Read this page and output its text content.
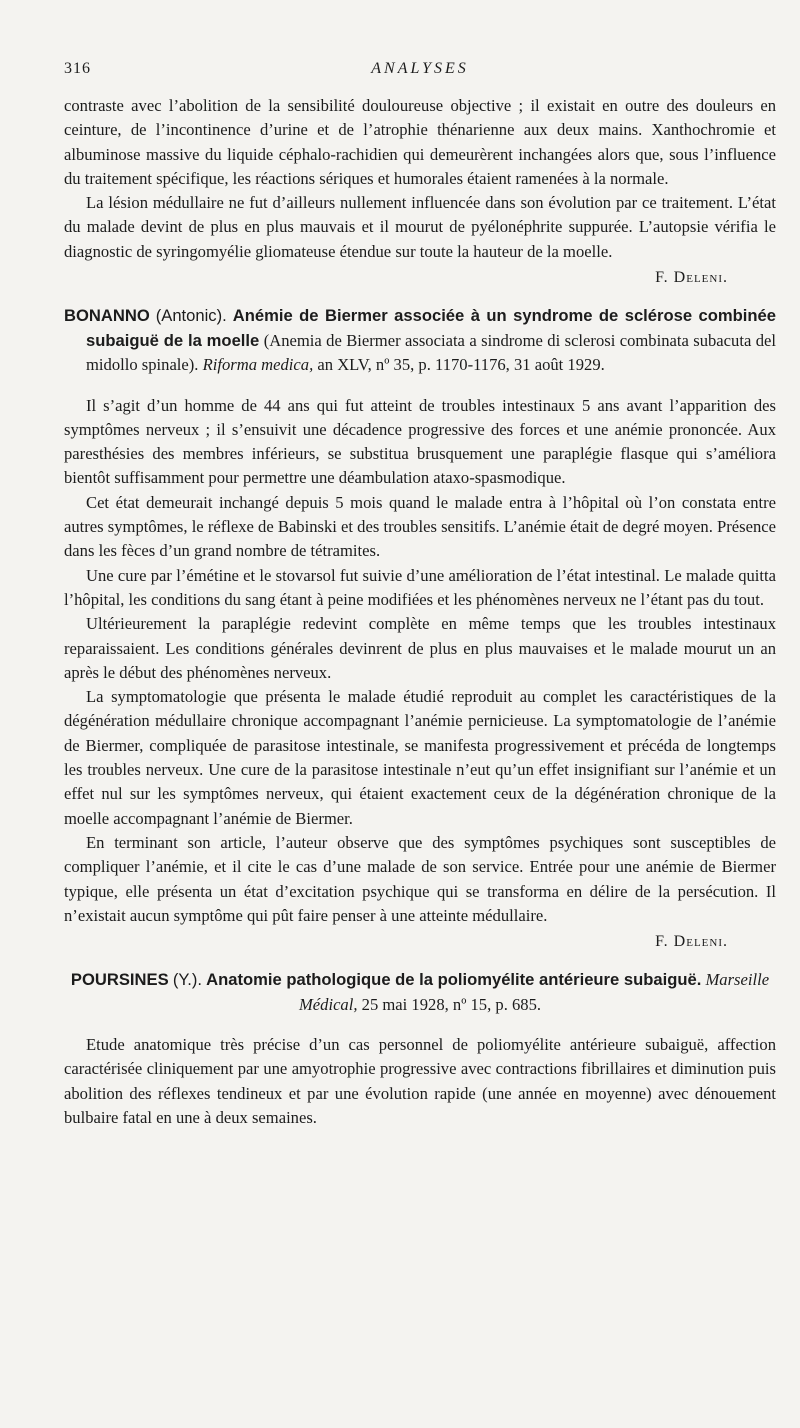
316	ANALYSES

contraste avec l’abolition de la sensibilité douloureuse objective ; il existait en outre des douleurs en ceinture, de l’incontinence d’urine et de l’atrophie thénarienne aux deux mains. Xanthochromie et albuminose massive du liquide céphalo-rachidien qui demeurèrent inchangées alors que, sous l’influence du traitement spécifique, les réactions sériques et humorales étaient ramenées à la normale.

La lésion médullaire ne fut d’ailleurs nullement influencée dans son évolution par ce traitement. L’état du malade devint de plus en plus mauvais et il mourut de pyélonéphrite suppurée. L’autopsie vérifia le diagnostic de syringomyélie gliomateuse étendue sur toute la hauteur de la moelle.

F. Deleni.
BONANNO (Antonic). Anémie de Biermer associée à un syndrome de sclérose combinée subaiguë de la moelle (Anemia de Biermer associata a sindrome di sclerosi combinata subacuta del midollo spinale). Riforma medica, an XLV, nº 35, p. 1170-1176, 31 août 1929.

Il s’agit d’un homme de 44 ans qui fut atteint de troubles intestinaux 5 ans avant l’apparition des symptômes nerveux ; il s’ensuivit une décadence progressive des forces et une anémie prononcée. Aux paresthésies des membres inférieurs, se substitua brusquement une paraplégie flasque qui s’améliora bientôt suffisamment pour permettre une déambulation ataxo-spasmodique.

Cet état demeurait inchangé depuis 5 mois quand le malade entra à l’hôpital où l’on constata entre autres symptômes, le réflexe de Babinski et des troubles sensitifs. L’anémie était de degré moyen. Présence dans les fèces d’un grand nombre de tétramites.

Une cure par l’émétine et le stovarsol fut suivie d’une amélioration de l’état intestinal. Le malade quitta l’hôpital, les conditions du sang étant à peine modifiées et les phénomènes nerveux ne l’étant pas du tout.

Ultérieurement la paraplégie redevint complète en même temps que les troubles intestinaux reparaissaient. Les conditions générales devinrent de plus en plus mauvaises et le malade mourut un an après le début des phénomènes nerveux.

La symptomatologie que présenta le malade étudié reproduit au complet les caractéristiques de la dégénération médullaire chronique accompagnant l’anémie pernicieuse. La symptomatologie de l’anémie de Biermer, compliquée de parasitose intestinale, se manifesta progressivement et précéda de longtemps les troubles nerveux. Une cure de la parasitose intestinale n’eut qu’un effet insignifiant sur l’anémie et un effet nul sur les symptômes nerveux, qui étaient exactement ceux de la dégénération chronique de la moelle accompagnant l’anémie de Biermer.

En terminant son article, l’auteur observe que des symptômes psychiques sont susceptibles de compliquer l’anémie, et il cite le cas d’une malade de son service. Entrée pour une anémie de Biermer typique, elle présenta un état d’excitation psychique qui se transforma en délire de la persécution. Il n’existait aucun symptôme qui pût faire penser à une atteinte médullaire.

F. Deleni.
POURSINES (Y.). Anatomie pathologique de la poliomyélite antérieure subaiguë. Marseille Médical, 25 mai 1928, nº 15, p. 685.

Etude anatomique très précise d’un cas personnel de poliomyélite antérieure subaiguë, affection caractérisée cliniquement par une amyotrophie progressive avec contractions fibrillaires et diminution puis abolition des réflexes tendineux et par une évolution rapide (une année en moyenne) avec dénouement bulbaire fatal en une à deux semaines.
